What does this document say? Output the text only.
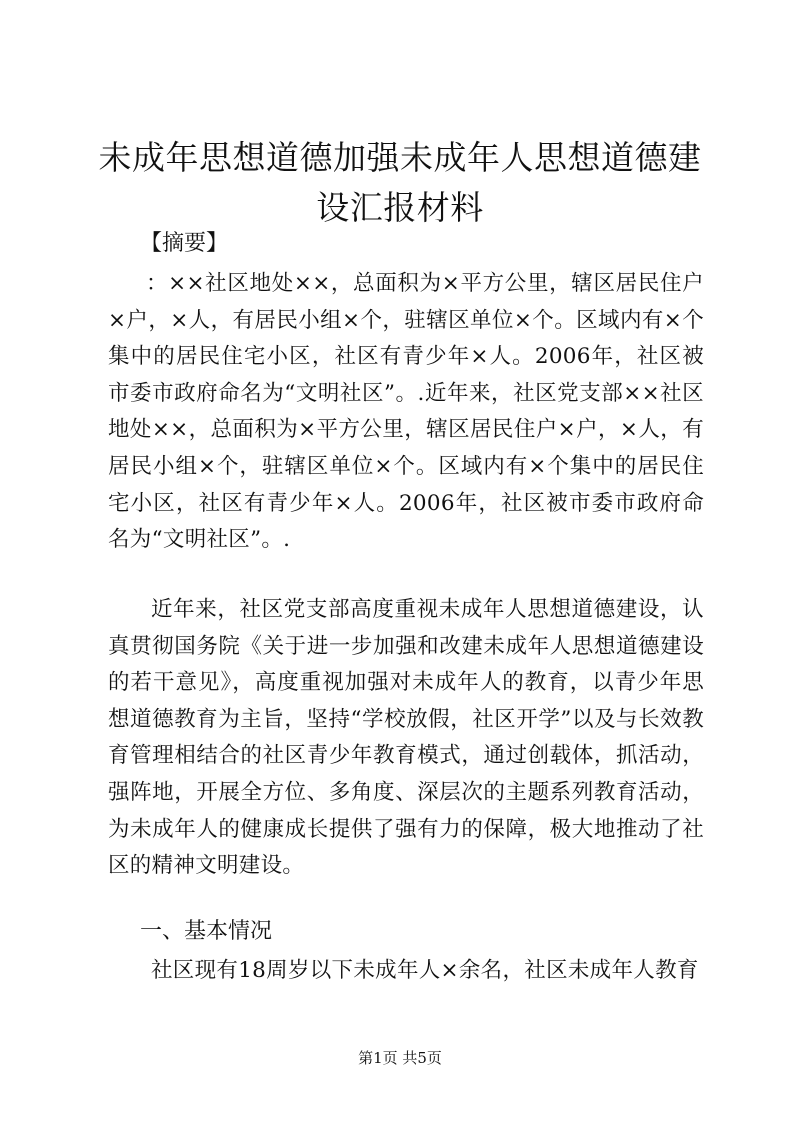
未成年思想道德加强未成年人思想道德建设汇报材料

【摘要】

：××社区地处××，总面积为×平方公里，辖区居民住户×户，×人，有居民小组×个，驻辖区单位×个。区域内有×个集中的居民住宅小区，社区有青少年×人。2006年，社区被市委市政府命名为“文明社区”。.近年来，社区党支部××社区地处××，总面积为×平方公里，辖区居民住户×户，×人，有居民小组×个，驻辖区单位×个。区域内有×个集中的居民住宅小区，社区有青少年×人。2006年，社区被市委市政府命名为“文明社区”。.

近年来，社区党支部高度重视未成年人思想道德建设，认真贯彻国务院《关于进一步加强和改建未成年人思想道德建设的若干意见》，高度重视加强对未成年人的教育，以青少年思想道德教育为主旨，坚持“学校放假，社区开学”以及与长效教育管理相结合的社区青少年教育模式，通过创载体，抓活动，强阵地，开展全方位、多角度、深层次的主题系列教育活动，为未成年人的健康成长提供了强有力的保障，极大地推动了社区的精神文明建设。

一、基本情况

社区现有18周岁以下未成年人×余名，社区未成年人教育

第1页 共5页
